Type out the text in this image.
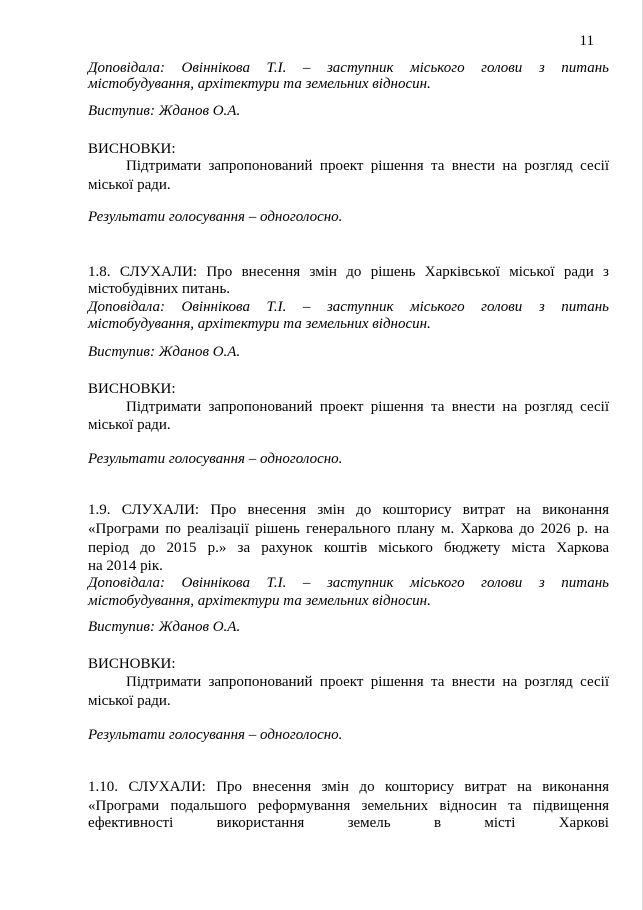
11
Доповідала: Овіннікова Т.І. – заступник міського голови з питань
містобудування, архітектури та земельних відносин.
Виступив: Жданов О.А.
ВИСНОВКИ:
Підтримати запропонований проект рішення та внести на розгляд сесії
міської ради.
Результати голосування – одноголосно.
1.8. СЛУХАЛИ: Про внесення змін до рішень Харківської міської ради з
містобудівних питань.
Доповідала: Овіннікова Т.І. – заступник міського голови з питань
містобудування, архітектури та земельних відносин.
Виступив: Жданов О.А.
ВИСНОВКИ:
Підтримати запропонований проект рішення та внести на розгляд сесії
міської ради.
Результати голосування – одноголосно.
1.9. СЛУХАЛИ: Про внесення змін до кошторису витрат на виконання
«Програми по реалізації рішень генерального плану м. Харкова до 2026 р. на
період до 2015 р.» за рахунок коштів міського бюджету міста Харкова
на 2014 рік.
Доповідала: Овіннікова Т.І. – заступник міського голови з питань
містобудування, архітектури та земельних відносин.
Виступив: Жданов О.А.
ВИСНОВКИ:
Підтримати запропонований проект рішення та внести на розгляд сесії
міської ради.
Результати голосування – одноголосно.
1.10. СЛУХАЛИ: Про внесення змін до кошторису витрат на виконання
«Програми подальшого реформування земельних відносин та підвищення
ефективності	використання	земель	в	місті	Харкові
